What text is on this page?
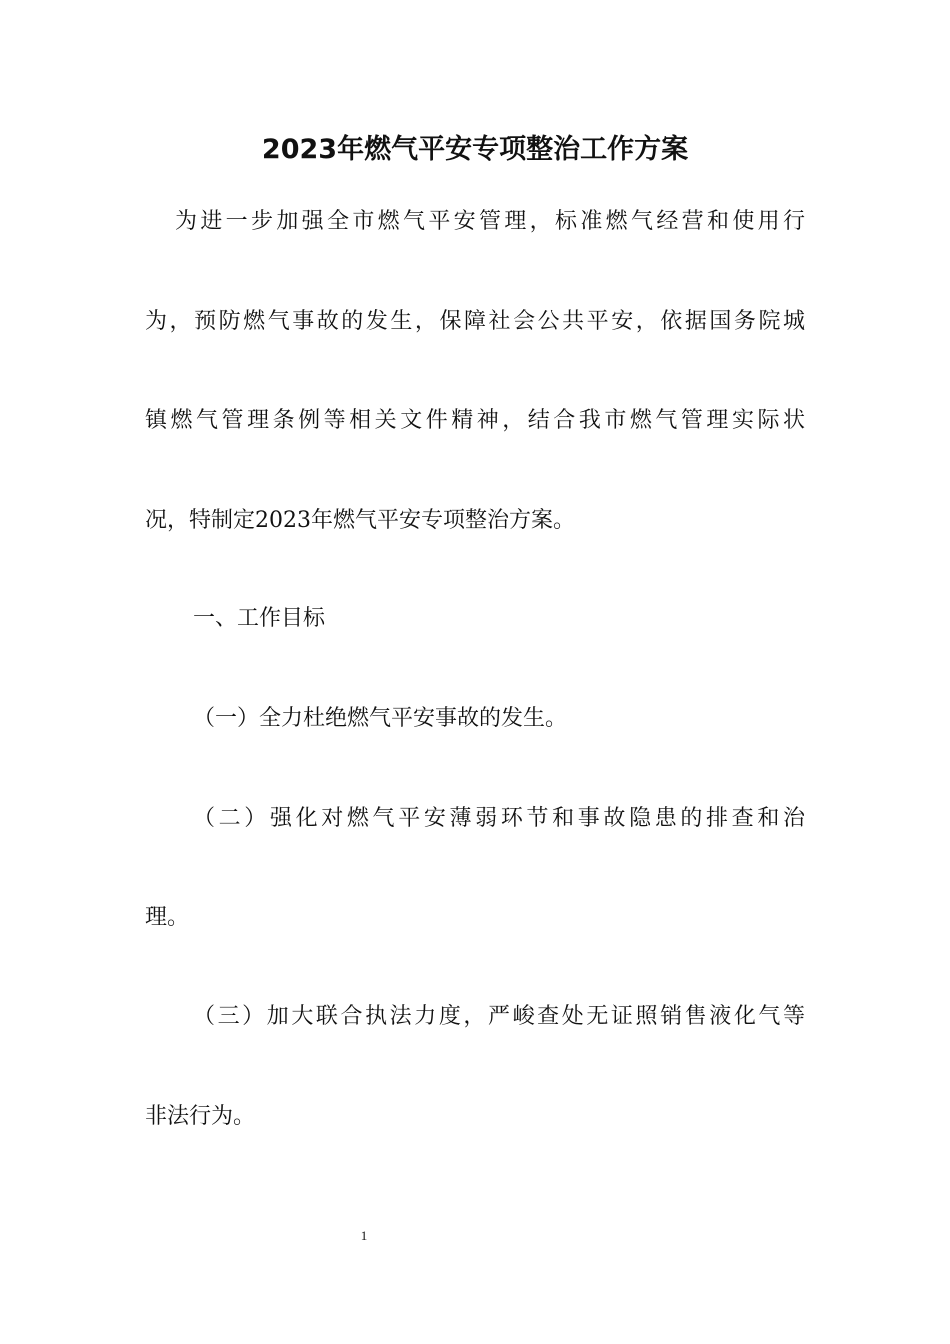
2023年燃气平安专项整治工作方案

为进一步加强全市燃气平安管理，标准燃气经营和使用行

为，预防燃气事故的发生，保障社会公共平安，依据国务院城

镇燃气管理条例等相关文件精神，结合我市燃气管理实际状

况，特制定2023年燃气平安专项整治方案。

一、工作目标

（一）全力杜绝燃气平安事故的发生。

（二）强化对燃气平安薄弱环节和事故隐患的排查和治

理。

（三）加大联合执法力度，严峻查处无证照销售液化气等

非法行为。

1
